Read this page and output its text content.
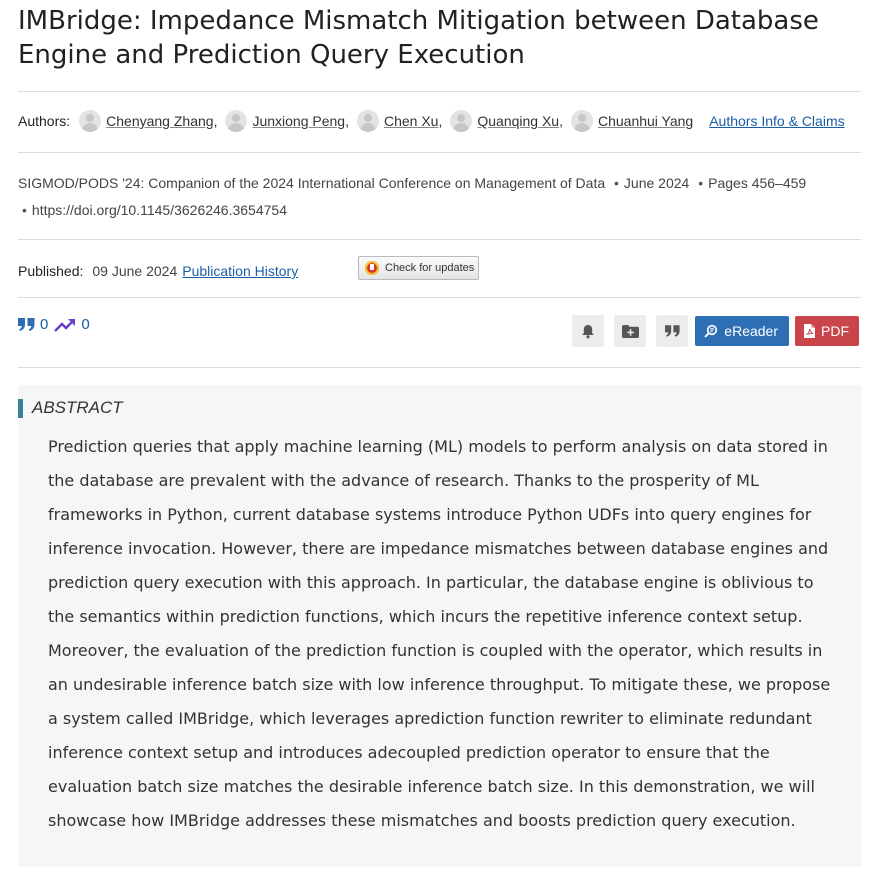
IMBridge: Impedance Mismatch Mitigation between Database Engine and Prediction Query Execution
Authors:	Chenyang Zhang ,	Junxiong Peng ,	Chen Xu ,	Quanqing Xu ,	Chuanhui Yang Authors Info & Claims
SIGMOD/PODS '24: Companion of the 2024 International Conference on Management of Data • June 2024 • Pages 456–459
• https://doi.org/10.1145/3626246.3654754
Published: 09 June 2024 Publication History	Check for updates
0 0	eReader	PDF
ABSTRACT

Prediction queries that apply machine learning (ML) models to perform analysis on data stored in the database are prevalent with the advance of research. Thanks to the prosperity of ML frameworks in Python, current database systems introduce Python UDFs into query engines for inference invocation. However, there are impedance mismatches between database engines and prediction query execution with this approach. In particular, the database engine is oblivious to the semantics within prediction functions, which incurs the repetitive inference context setup. Moreover, the evaluation of the prediction function is coupled with the operator, which results in an undesirable inference batch size with low inference throughput. To mitigate these, we propose a system called IMBridge, which leverages aprediction function rewriter to eliminate redundant inference context setup and introduces adecoupled prediction operator to ensure that the evaluation batch size matches the desirable inference batch size. In this demonstration, we will showcase how IMBridge addresses these mismatches and boosts prediction query execution.
